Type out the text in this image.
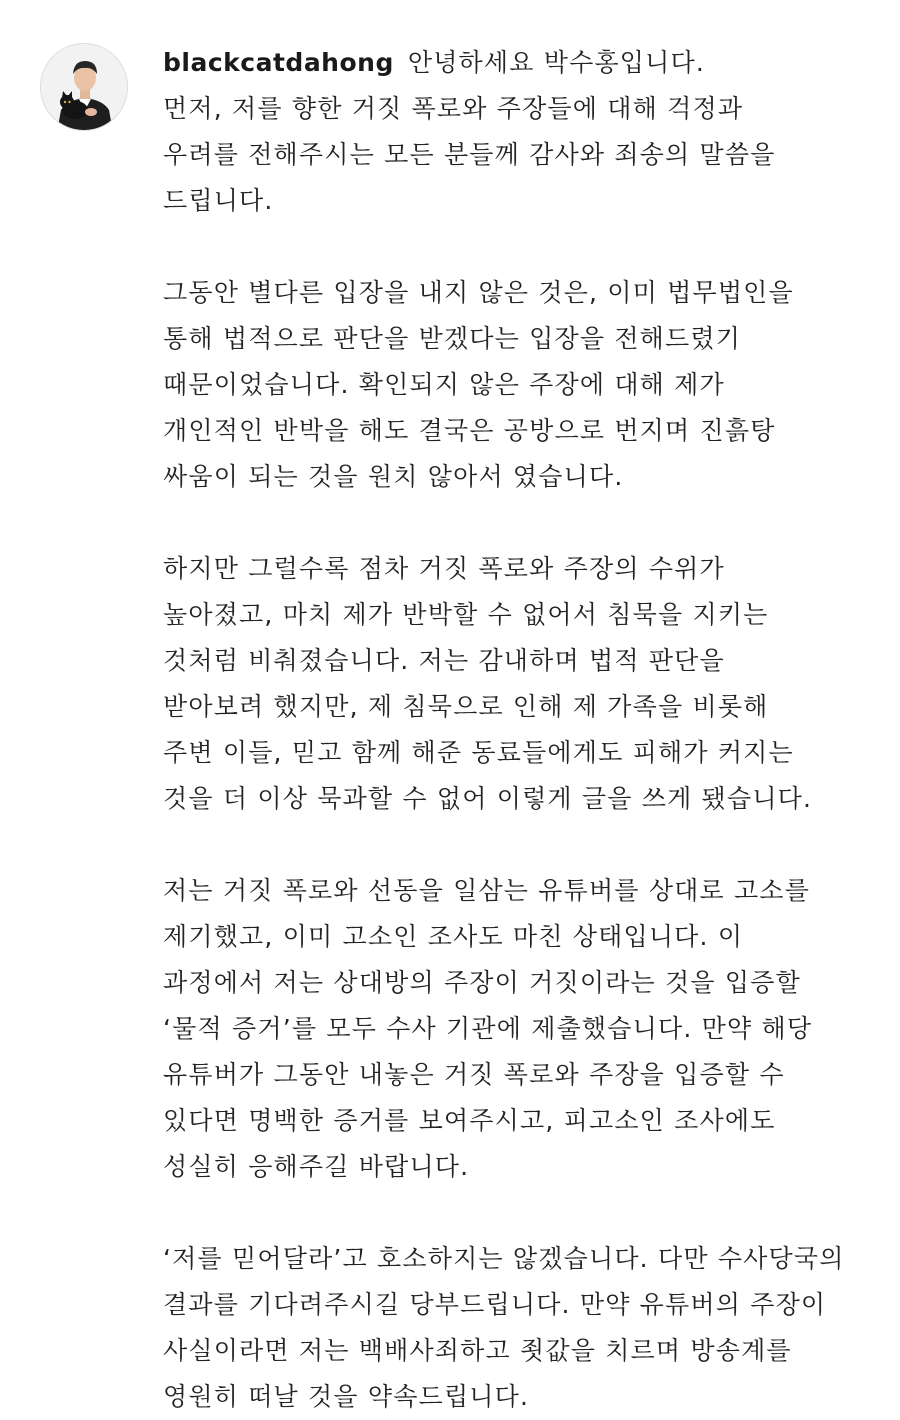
blackcatdahong 안녕하세요 박수홍입니다.
먼저, 저를 향한 거짓 폭로와 주장들에 대해 걱정과
우려를 전해주시는 모든 분들께 감사와 죄송의 말씀을
드립니다.
그동안 별다른 입장을 내지 않은 것은, 이미 법무법인을
통해 법적으로 판단을 받겠다는 입장을 전해드렸기
때문이었습니다. 확인되지 않은 주장에 대해 제가
개인적인 반박을 해도 결국은 공방으로 번지며 진흙탕
싸움이 되는 것을 원치 않아서 였습니다.
하지만 그럴수록 점차 거짓 폭로와 주장의 수위가
높아졌고, 마치 제가 반박할 수 없어서 침묵을 지키는
것처럼 비춰졌습니다. 저는 감내하며 법적 판단을
받아보려 했지만, 제 침묵으로 인해 제 가족을 비롯해
주변 이들, 믿고 함께 해준 동료들에게도 피해가 커지는
것을 더 이상 묵과할 수 없어 이렇게 글을 쓰게 됐습니다.
저는 거짓 폭로와 선동을 일삼는 유튜버를 상대로 고소를
제기했고, 이미 고소인 조사도 마친 상태입니다. 이
과정에서 저는 상대방의 주장이 거짓이라는 것을 입증할
‘물적 증거’를 모두 수사 기관에 제출했습니다. 만약 해당
유튜버가 그동안 내놓은 거짓 폭로와 주장을 입증할 수
있다면 명백한 증거를 보여주시고, 피고소인 조사에도
성실히 응해주길 바랍니다.
‘저를 믿어달라’고 호소하지는 않겠습니다. 다만 수사당국의
결과를 기다려주시길 당부드립니다. 만약 유튜버의 주장이
사실이라면 저는 백배사죄하고 죗값을 치르며 방송계를
영원히 떠날 것을 약속드립니다.
